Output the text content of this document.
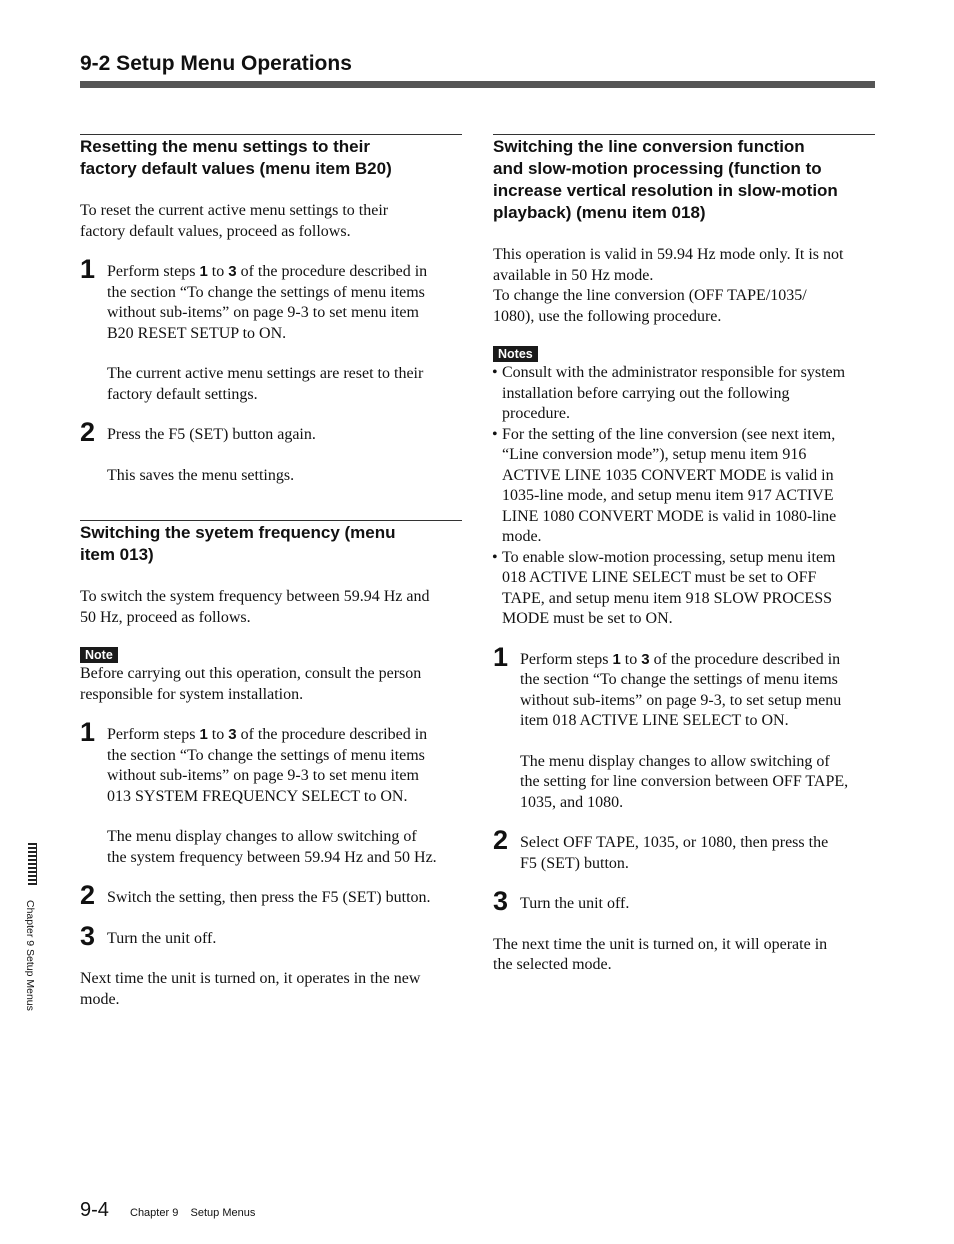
9-2 Setup Menu Operations
Resetting the menu settings to their
factory default values (menu item B20)

To reset the current active menu settings to their

factory default values, proceed as follows.

1 Perform steps 1 to 3 of the procedure described in

the section “To change the settings of menu items

without sub-items” on page 9-3 to set menu item

B20 RESET SETUP to ON.

The current active menu settings are reset to their

factory default settings.

2 Press the F5 (SET) button again.

This saves the menu settings.

Switching the syetem frequency (menu
item 013)

To switch the system frequency between 59.94 Hz and

50 Hz, proceed as follows.

Note

Before carrying out this operation, consult the person

responsible for system installation.

1 Perform steps 1 to 3 of the procedure described in

the section “To change the settings of menu items

without sub-items” on page 9-3 to set menu item

013 SYSTEM FREQUENCY SELECT to ON.

The menu display changes to allow switching of

the system frequency between 59.94 Hz and 50 Hz.

2 Switch the setting, then press the F5 (SET) button.

3 Turn the unit off.

Next time the unit is turned on, it operates in the new

mode.

Switching the line conversion function
and slow-motion processing (function to
increase vertical resolution in slow-motion
playback) (menu item 018)

This operation is valid in 59.94 Hz mode only. It is not

available in 50 Hz mode.

To change the line conversion (OFF TAPE/1035/

1080), use the following procedure.

Notes
• Consult with the administrator responsible for system
installation before carrying out the following
procedure.
• For the setting of the line conversion (see next item,
“Line conversion mode”), setup menu item 916
ACTIVE LINE 1035 CONVERT MODE is valid in
1035-line mode, and setup menu item 917 ACTIVE
LINE 1080 CONVERT MODE is valid in 1080-line
mode.
• To enable slow-motion processing, setup menu item
018 ACTIVE LINE SELECT must be set to OFF
TAPE, and setup menu item 918 SLOW PROCESS
MODE must be set to ON.
1 Perform steps 1 to 3 of the procedure described in

the section “To change the settings of menu items

without sub-items” on page 9-3, to set setup menu

item 018 ACTIVE LINE SELECT to ON.

The menu display changes to allow switching of

the setting for line conversion between OFF TAPE,

1035, and 1080.

2 Select OFF TAPE, 1035, or 1080, then press the

F5 (SET) button.

3 Turn the unit off.

The next time the unit is turned on, it will operate in

the selected mode.

Chapter 9 Setup Menus
9-4 Chapter 9    Setup Menus
